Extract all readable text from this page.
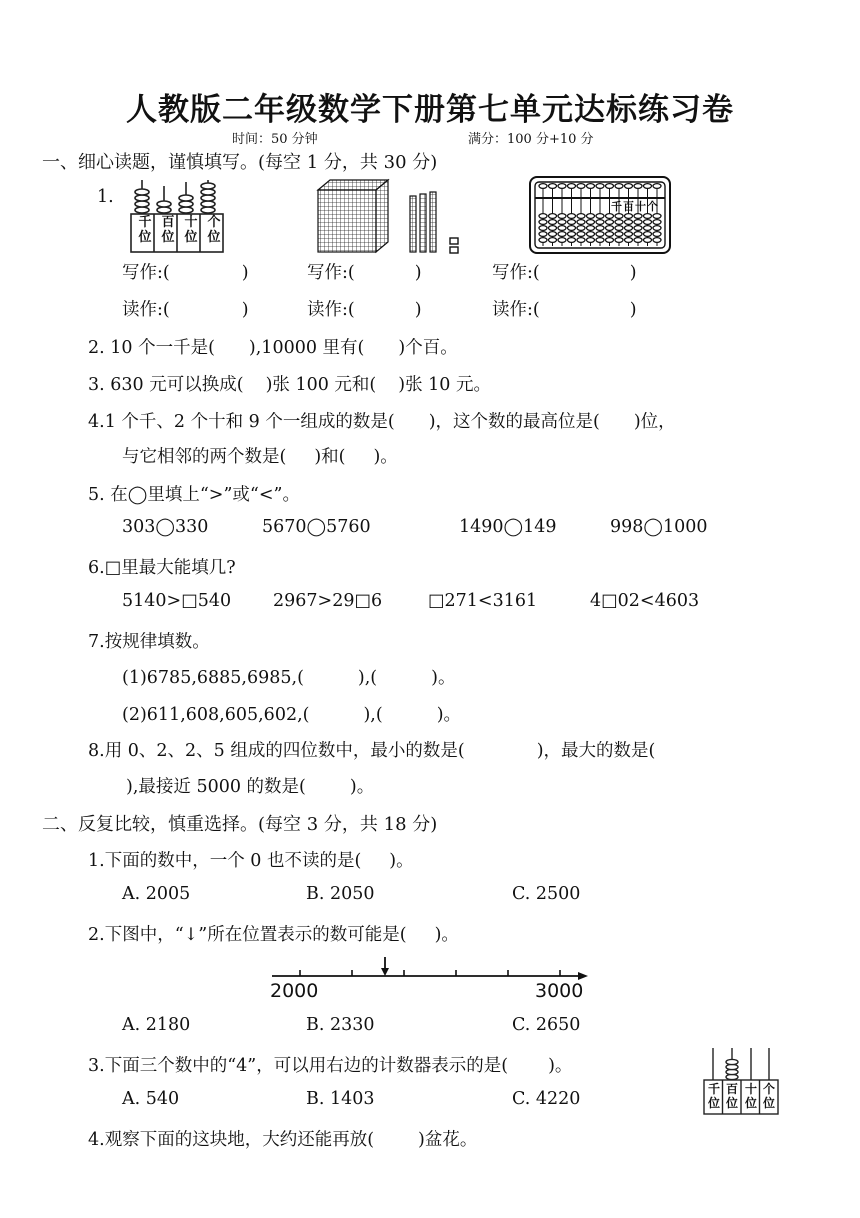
人教版二年级数学下册第七单元达标练习卷
时间：50 分钟	满分：100 分+10 分
一、细心读题，谨慎填写。(每空 1 分，共 30 分)
1.
千位
百位
十位
个位
千百十个
写作:(	)	写作:(	)	写作:(	)
读作:(	)	读作:(	)	读作:(	)
2. 10 个一千是( ),10000 里有( )个百。
3. 630 元可以换成( )张 100 元和( )张 10 元。
4.1 个千、2 个十和 9 个一组成的数是( )，这个数的最高位是( )位，
与它相邻的两个数是( )和( )。
5. 在◯里填上“>”或“<”。
303◯330	5670◯5760	1490◯149	998◯1000
6.□里最大能填几?
5140>□540 2967>29□6	□271<3161	4□02<4603
7.按规律填数。
(1)6785,6885,6985,(	),(	)。
(2)611,608,605,602,(	),(	)。
8.用 0、2、2、5 组成的四位数中，最小的数是(	)，最大的数是(
),最接近 5000 的数是(	)。
二、反复比较，慎重选择。(每空 3 分，共 18 分)
1.下面的数中，一个 0 也不读的是( )。
A. 2005	B. 2050	C. 2500
2.下图中，“↓”所在位置表示的数可能是( )。
2000	3000
A. 2180	B. 2330	C. 2650
3.下面三个数中的“4”，可以用右边的计数器表示的是( )。
千位
百位
十位
个位
A. 540	B. 1403	C. 4220
4.观察下面的这块地，大约还能再放(	)盆花。
